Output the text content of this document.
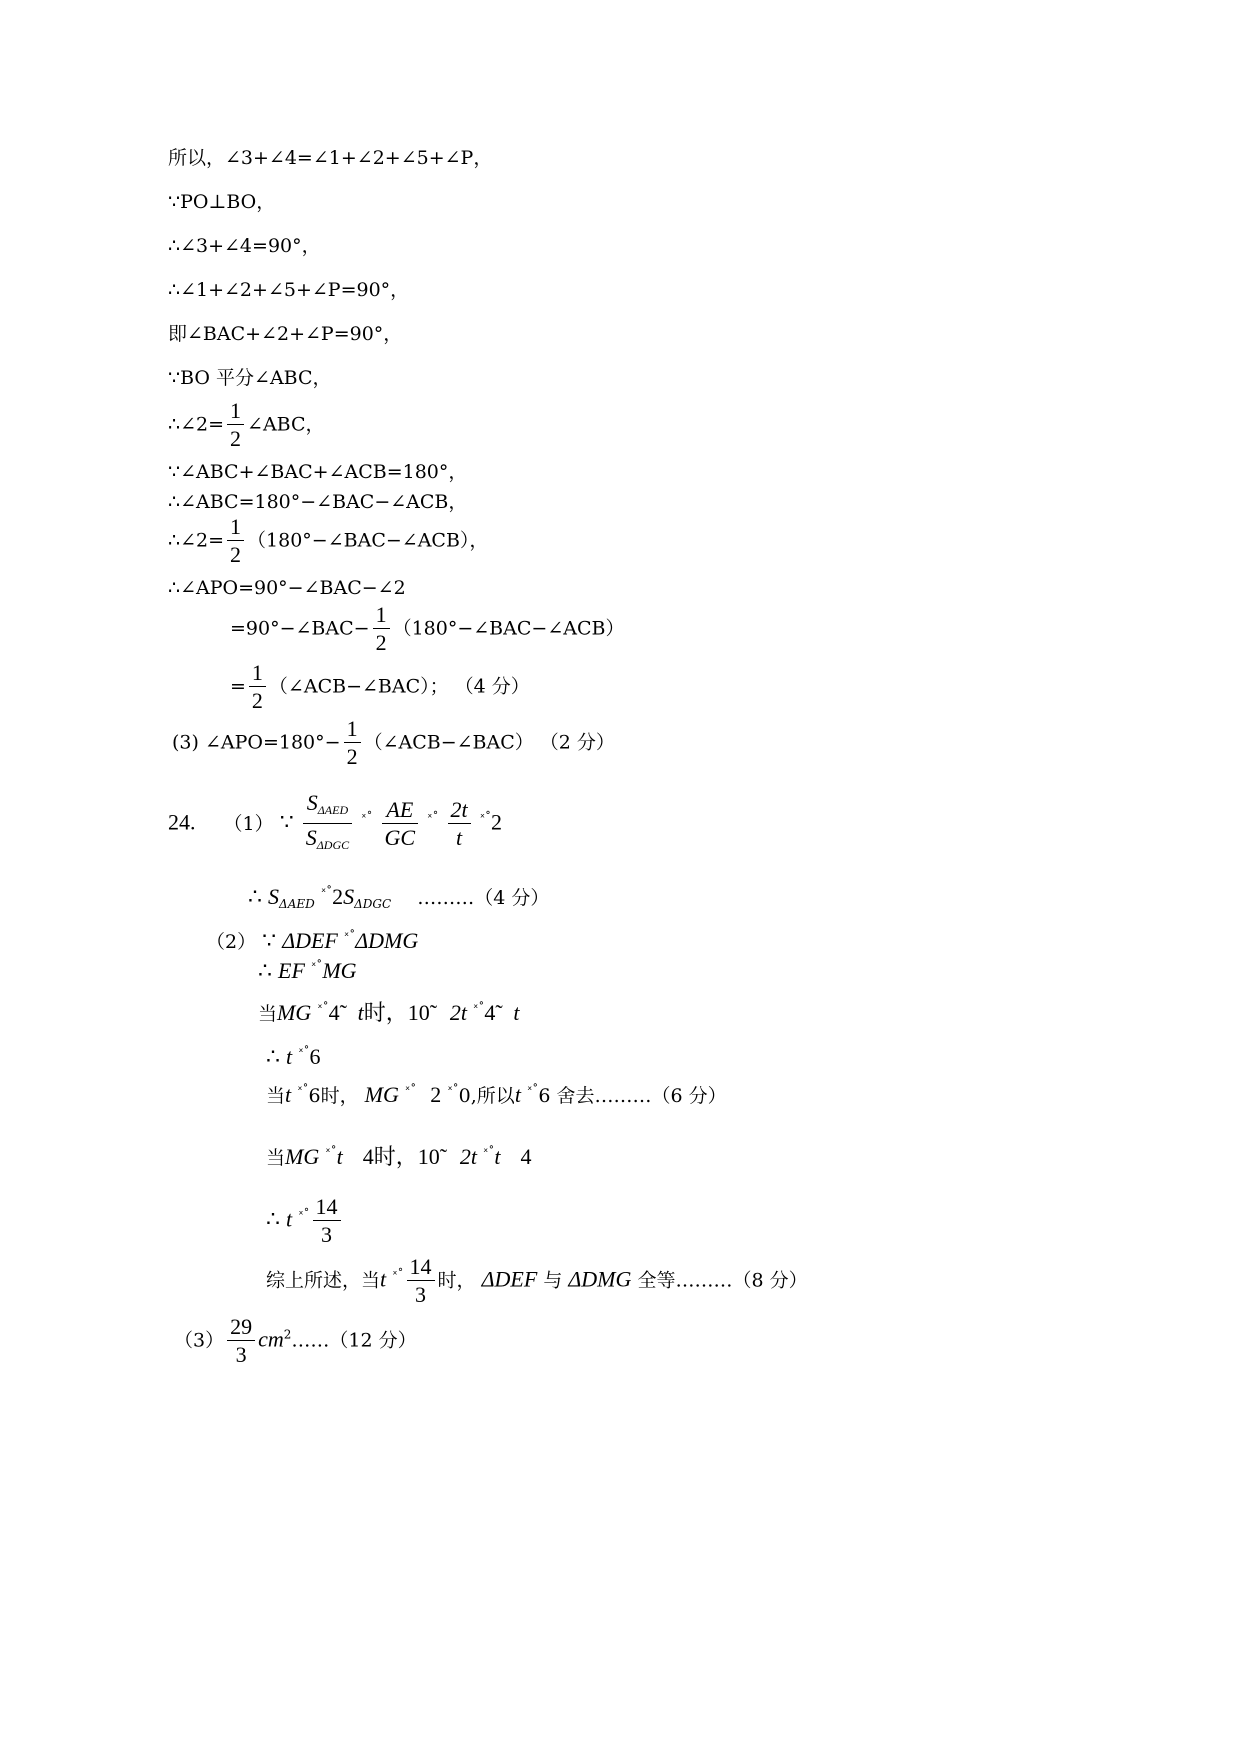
所以，∠3+∠4=∠1+∠2+∠5+∠P，
∵PO⊥BO，
∴∠3+∠4=90°，
∴∠1+∠2+∠5+∠P=90°，
即∠BAC+∠2+∠P=90°，
∵BO 平分∠ABC，
∴∠2= $\frac{1}{2}$ ∠ABC，
∵∠ABC+∠BAC+∠ACB=180°，
∴∠ABC=180°−∠BAC−∠ACB，
∴∠2= $\frac{1}{2}$ （180°−∠BAC−∠ACB），
∴∠APO=90°−∠BAC−∠2
=90°−∠BAC− $\frac{1}{2}$ （180°−∠BAC−∠ACB）
= $\frac{1}{2}$ （∠ACB−∠BAC）； （4 分）
(3) ∠APO=180°− $\frac{1}{2}$ （∠ACB−∠BAC） （2 分）
24. （1） ∵ $\frac{S_{\Delta AED}}{S_{\Delta DGC}} ^{ˣ˚} \frac{AE}{GC} ^{ˣ˚} \frac{2t}{t} ^{ˣ˚}2$
∴ $S_{\Delta AED}$ $^{ˣ˚}2S_{\Delta DGC}$ ………（4 分）
（2） ∵ ΔDEF $^{ˣ˚}$ΔDMG
∴ EF $^{ˣ˚}$MG
当MG $^{ˣ˚}$4̃ t时，10̃ 2t $^{ˣ˚}$4̃ t
∴ t $^{ˣ˚}$6
当t $^{ˣ˚}$6时， MG $^{ˣ˚}$ 2 $^{ˣ˚}$0,所以t $^{ˣ˚}$6 舍去………（6 分）
当MG $^{ˣ˚}$t 4时，10̃ 2t $^{ˣ˚}$t 4
∴ t $^{ˣ˚} \frac{14}{3}$
综上所述，当t $^{ˣ˚} \frac{14}{3}$ 时， ΔDEF 与 ΔDMG 全等………（8 分）
$(3) \frac{29}{3}$ $cm^2\dots\dots(12$ 分）
